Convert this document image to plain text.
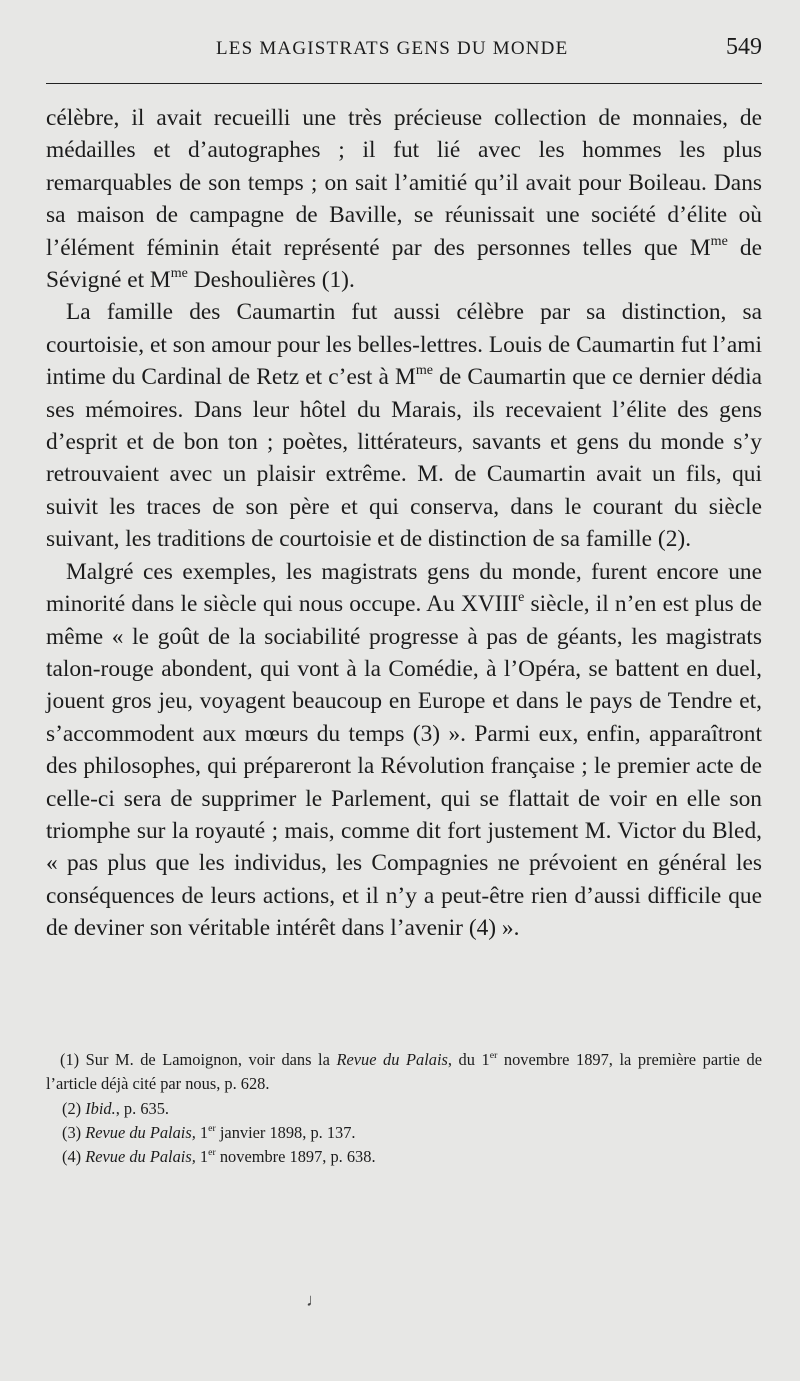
LES MAGISTRATS GENS DU MONDE	549

célèbre, il avait recueilli une très précieuse collection de monnaies, de médailles et d’autographes ; il fut lié avec les hommes les plus remarquables de son temps ; on sait l’amitié qu’il avait pour Boileau. Dans sa maison de campagne de Baville, se réunissait une société d’élite où l’élément féminin était représenté par des personnes telles que $M^{me}$ de Sévigné et $M^{me}$ Deshoulières (1).

La famille des Caumartin fut aussi célèbre par sa distinction, sa courtoisie, et son amour pour les belles-lettres. Louis de Caumartin fut l’ami intime du Cardinal de Retz et c’est à $M^{me}$ de Caumartin que ce dernier dédia ses mémoires. Dans leur hôtel du Marais, ils recevaient l’élite des gens d’esprit et de bon ton ; poètes, littérateurs, savants et gens du monde s’y retrouvaient avec un plaisir extrême. M. de Caumartin avait un fils, qui suivit les traces de son père et qui conserva, dans le courant du siècle suivant, les traditions de courtoisie et de distinction de sa famille (2).

Malgré ces exemples, les magistrats gens du monde, furent encore une minorité dans le siècle qui nous occupe. Au XVIIIe siècle, il n’en est plus de même « le goût de la sociabilité progresse à pas de géants, les magistrats talon-rouge abondent, qui vont à la Comédie, à l’Opéra, se battent en duel, jouent gros jeu, voyagent beaucoup en Europe et dans le pays de Tendre et, s’accommodent aux mœurs du temps (3) ». Parmi eux, enfin, apparaîtront des philosophes, qui prépareront la Révolution française ; le premier acte de celle-ci sera de supprimer le Parlement, qui se flattait de voir en elle son triomphe sur la royauté ; mais, comme dit fort justement M. Victor du Bled, « pas plus que les individus, les Compagnies ne prévoient en général les conséquences de leurs actions, et il n’y a peut-être rien d’aussi difficile que de deviner son véritable intérêt dans l’avenir (4) ».

(1) Sur M. de Lamoignon, voir dans la Revue du Palais, du 1er novembre 1897, la première partie de l’article déjà cité par nous, p. 628.

(2) Ibid., p. 635.

(3) Revue du Palais, 1er janvier 1898, p. 137.

(4) Revue du Palais, 1er novembre 1897, p. 638.

♩
